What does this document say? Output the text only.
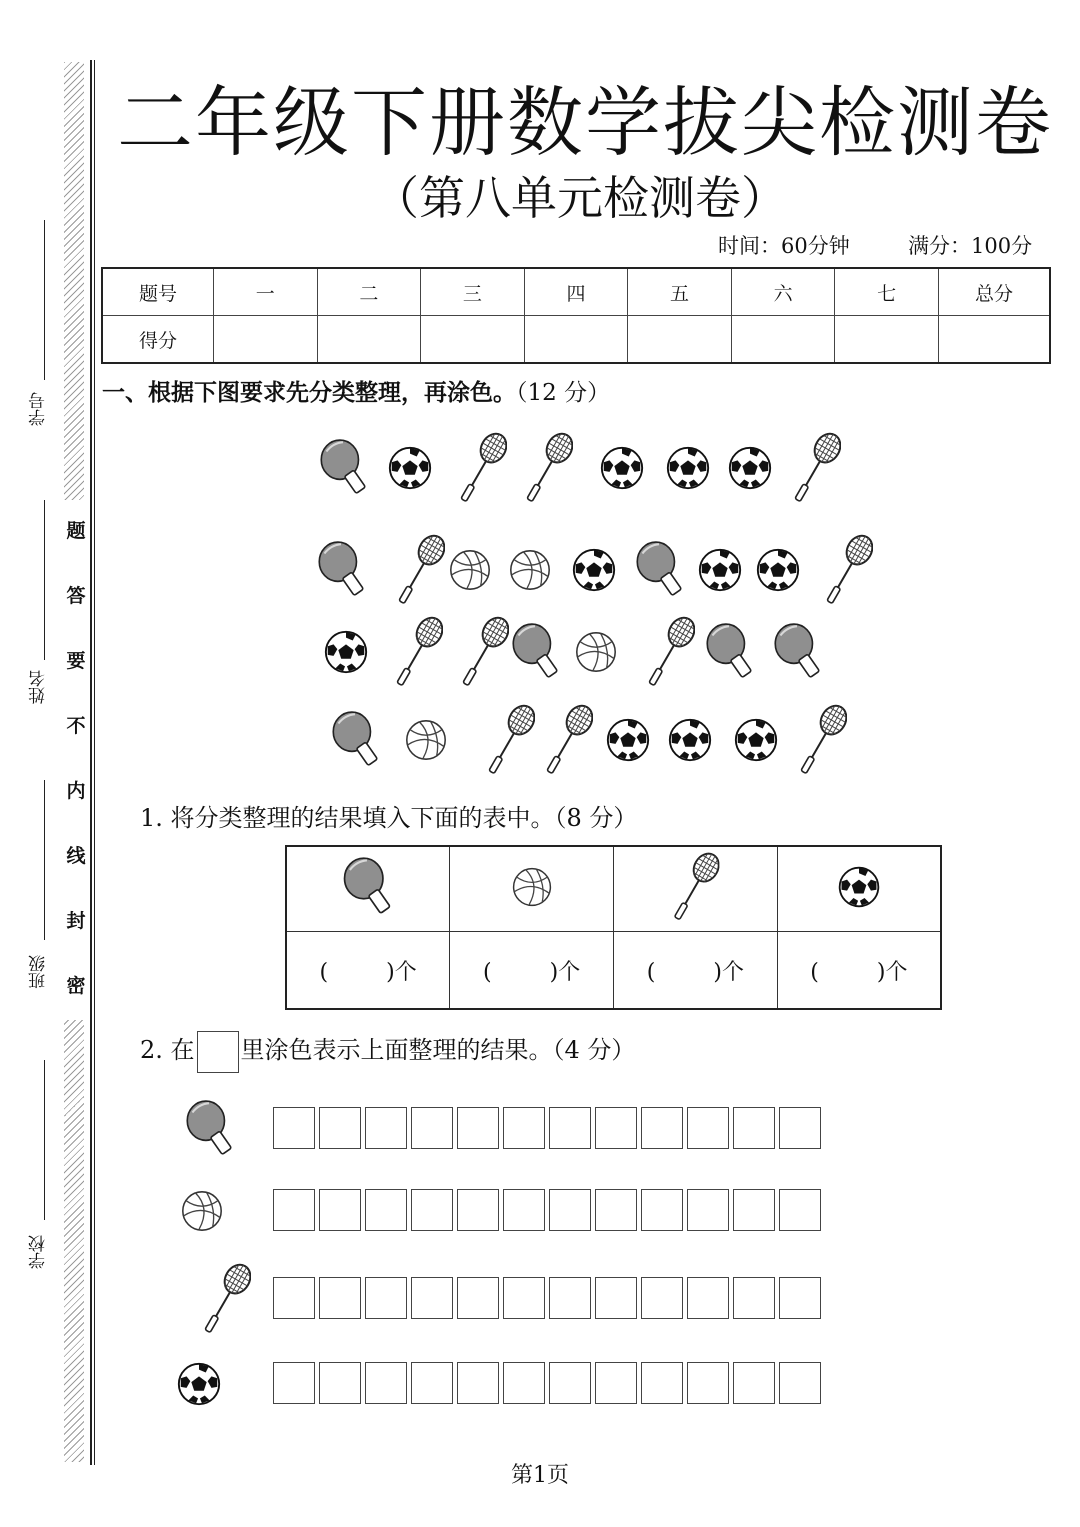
学号
姓名
班级
学校
题
答
要
不
内
线
封
密
二年级下册数学拔尖检测卷
（第八单元检测卷）
时间：60分钟	满分：100分
题号	一	二	三	四	五	六	七	总分
得分								
一、根据下图要求先分类整理，再涂色。（12 分）
1. 将分类整理的结果填入下面的表中。（8 分）

( )个	( )个	( )个	( )个
2. 在 里涂色表示上面整理的结果。（4 分）
第1页
